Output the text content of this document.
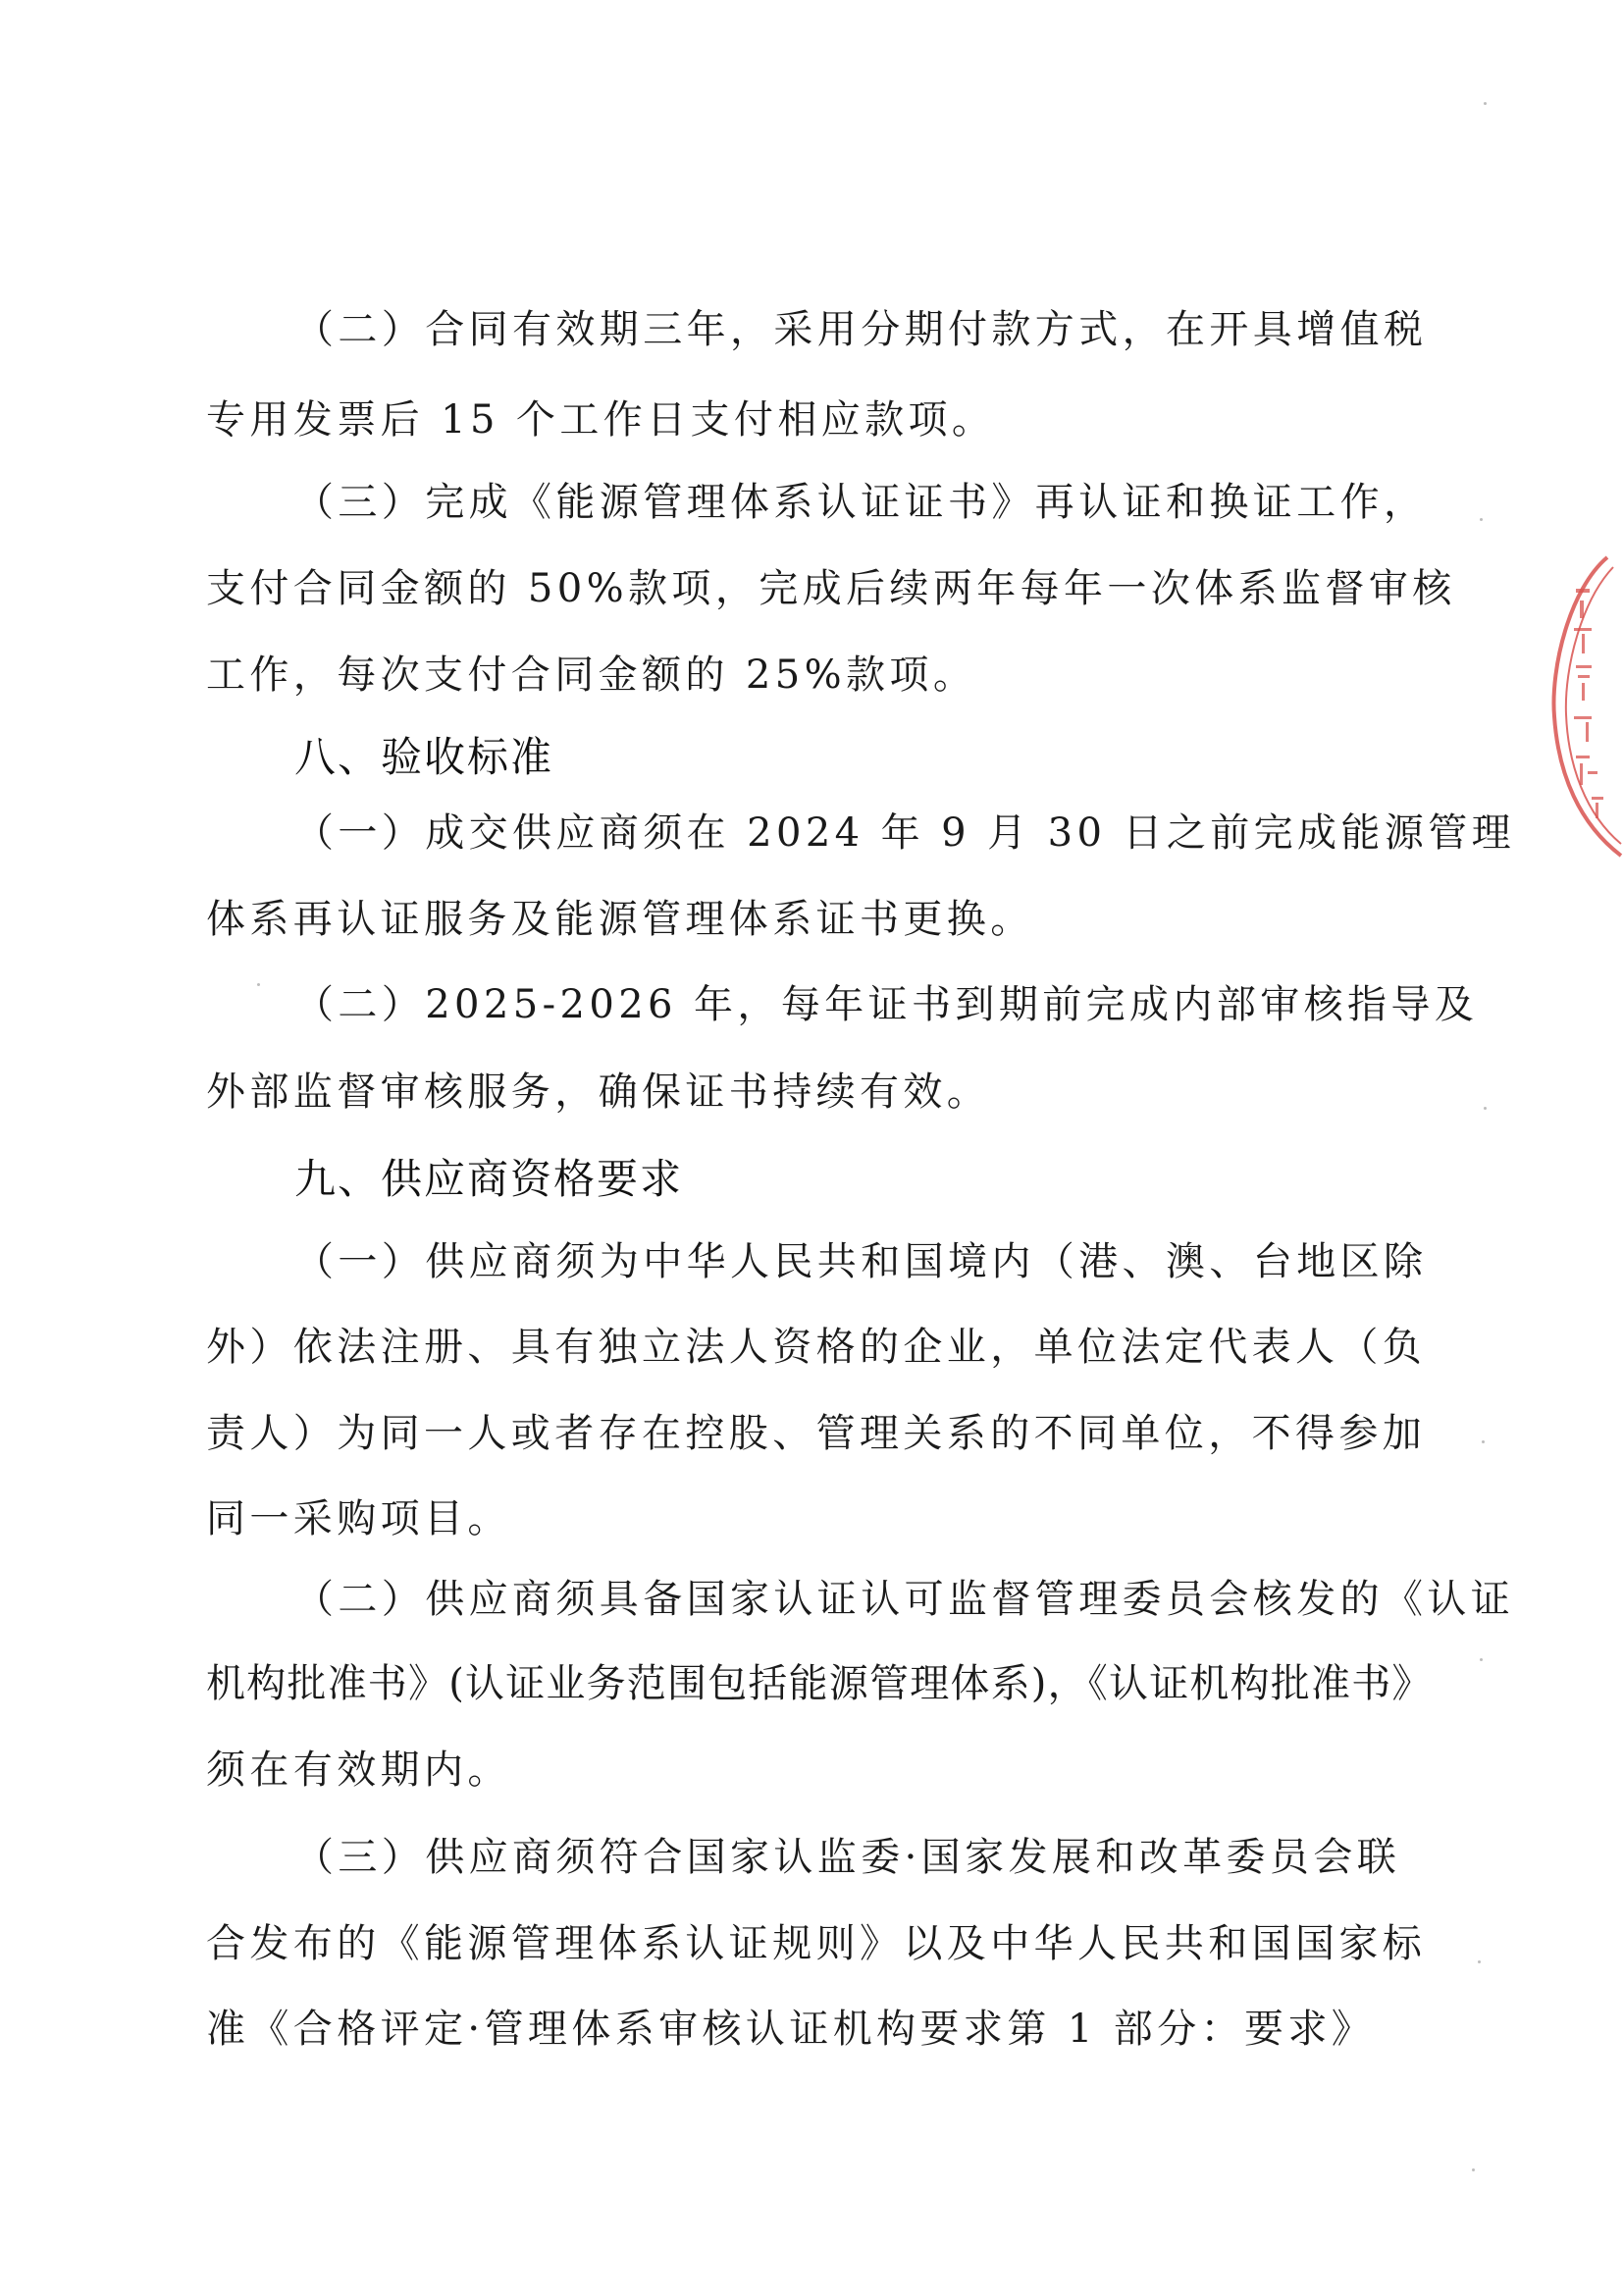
（二）合同有效期三年，采用分期付款方式，在开具增值税
专用发票后 15 个工作日支付相应款项。
（三）完成《能源管理体系认证证书》再认证和换证工作，
支付合同金额的 50%款项，完成后续两年每年一次体系监督审核
工作，每次支付合同金额的 25%款项。
八、验收标准
（一）成交供应商须在 2024 年 9 月 30 日之前完成能源管理
体系再认证服务及能源管理体系证书更换。
（二）2025-2026 年，每年证书到期前完成内部审核指导及
外部监督审核服务，确保证书持续有效。
九、供应商资格要求
（一）供应商须为中华人民共和国境内（港、澳、台地区除
外）依法注册、具有独立法人资格的企业，单位法定代表人（负
责人）为同一人或者存在控股、管理关系的不同单位，不得参加
同一采购项目。
（二）供应商须具备国家认证认可监督管理委员会核发的《认证
机构批准书》(认证业务范围包括能源管理体系)，《认证机构批准书》
须在有效期内。
（三）供应商须符合国家认监委·国家发展和改革委员会联
合发布的《能源管理体系认证规则》以及中华人民共和国国家标
准《合格评定·管理体系审核认证机构要求第 1 部分：要求》
